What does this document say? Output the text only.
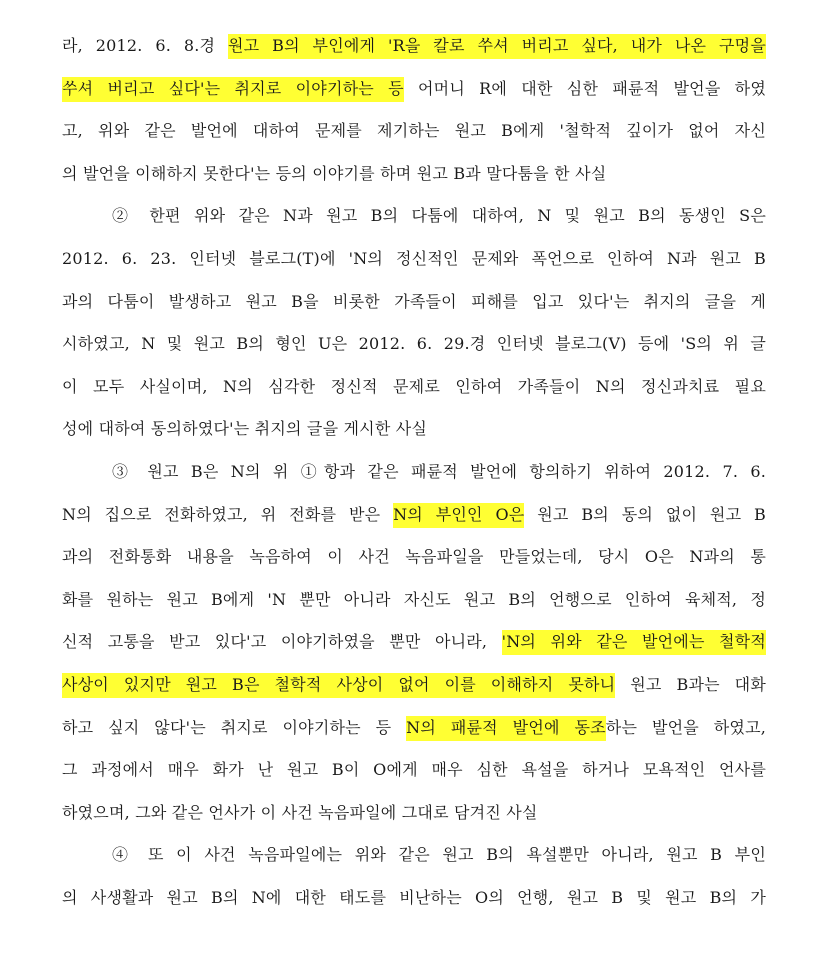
라, 2012. 6. 8.경 원고 B의 부인에게 'R을 칼로 쑤셔 버리고 싶다, 내가 나온 구멍을
쑤셔 버리고 싶다'는 취지로 이야기하는 등 어머니 R에 대한 심한 패륜적 발언을 하였
고, 위와 같은 발언에 대하여 문제를 제기하는 원고 B에게 '철학적 깊이가 없어 자신
의 발언을 이해하지 못한다'는 등의 이야기를 하며 원고 B과 말다툼을 한 사실
② 한편 위와 같은 N과 원고 B의 다툼에 대하여, N 및 원고 B의 동생인 S은
2012. 6. 23. 인터넷 블로그(T)에 'N의 정신적인 문제와 폭언으로 인하여 N과 원고 B
과의 다툼이 발생하고 원고 B을 비롯한 가족들이 피해를 입고 있다'는 취지의 글을 게
시하였고, N 및 원고 B의 형인 U은 2012. 6. 29.경 인터넷 블로그(V) 등에 'S의 위 글
이 모두 사실이며, N의 심각한 정신적 문제로 인하여 가족들이 N의 정신과치료 필요
성에 대하여 동의하였다'는 취지의 글을 게시한 사실
③ 원고 B은 N의 위 ①항과 같은 패륜적 발언에 항의하기 위하여 2012. 7. 6.
N의 집으로 전화하였고, 위 전화를 받은 N의 부인인 O은 원고 B의 동의 없이 원고 B
과의 전화통화 내용을 녹음하여 이 사건 녹음파일을 만들었는데, 당시 O은 N과의 통
화를 원하는 원고 B에게 'N 뿐만 아니라 자신도 원고 B의 언행으로 인하여 육체적, 정
신적 고통을 받고 있다'고 이야기하였을 뿐만 아니라, 'N의 위와 같은 발언에는 철학적
사상이 있지만 원고 B은 철학적 사상이 없어 이를 이해하지 못하니 원고 B과는 대화
하고 싶지 않다'는 취지로 이야기하는 등 N의 패륜적 발언에 동조하는 발언을 하였고,
그 과정에서 매우 화가 난 원고 B이 O에게 매우 심한 욕설을 하거나 모욕적인 언사를
하였으며, 그와 같은 언사가 이 사건 녹음파일에 그대로 담겨진 사실
④ 또 이 사건 녹음파일에는 위와 같은 원고 B의 욕설뿐만 아니라, 원고 B 부인
의 사생활과 원고 B의 N에 대한 태도를 비난하는 O의 언행, 원고 B 및 원고 B의 가
